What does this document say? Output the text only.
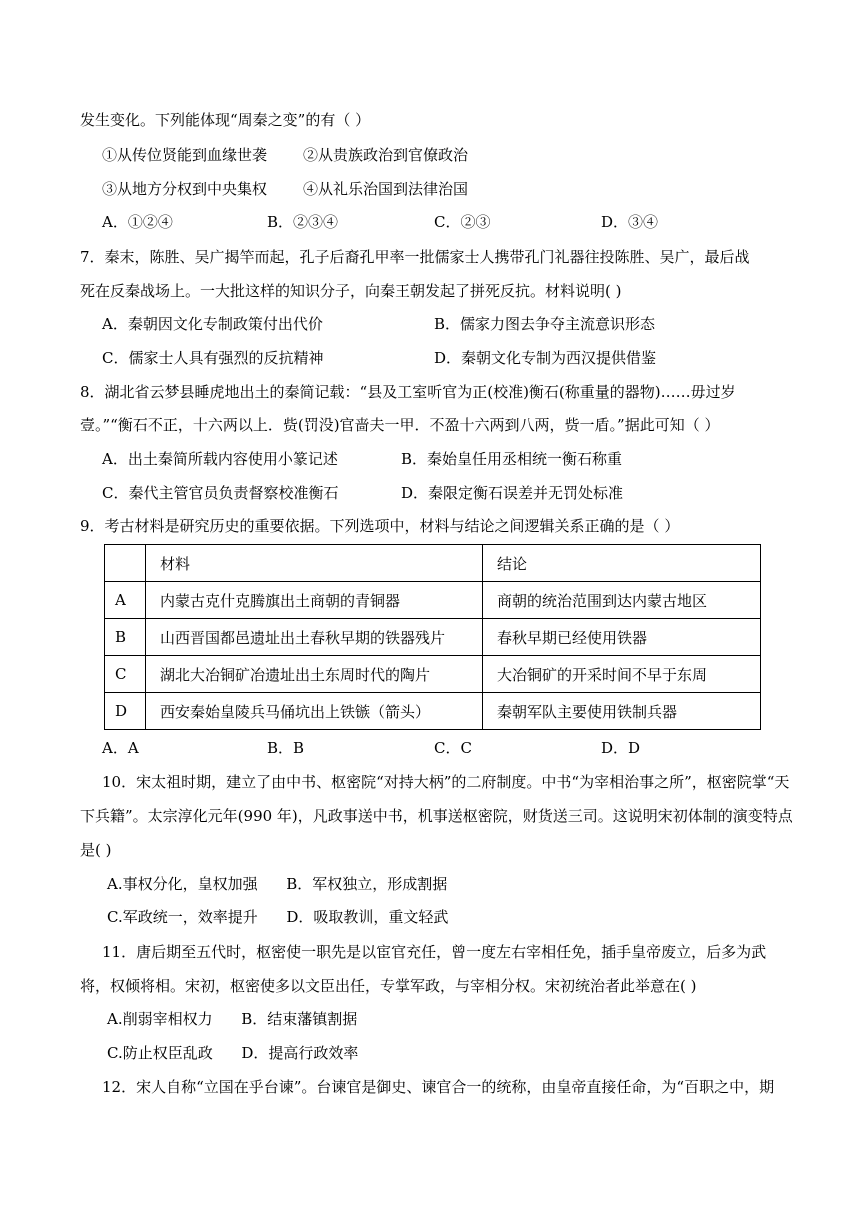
发生变化。下列能体现“周秦之变”的有（ ）
①从传位贤能到血缘世袭 ②从贵族政治到官僚政治
③从地方分权到中央集权 ④从礼乐治国到法律治国
A．①②④	B．②③④	C．②③	D．③④
7．秦末，陈胜、吴广揭竿而起，孔子后裔孔甲率一批儒家士人携带孔门礼器往投陈胜、吴广，最后战
死在反秦战场上。一大批这样的知识分子，向秦王朝发起了拼死反抗。材料说明( )
A．秦朝因文化专制政策付出代价	B．儒家力图去争夺主流意识形态
C．儒家士人具有强烈的反抗精神	D．秦朝文化专制为西汉提供借鉴
8．湖北省云梦县睡虎地出土的秦简记载：“县及工室听官为正(校准)衡石(称重量的器物)……毋过岁
壹。”“衡石不正，十六两以上．赀(罚没)官啬夫一甲．不盈十六两到八两，赀一盾。”据此可知（ ）
A．出土秦简所载内容使用小篆记述	B．秦始皇任用丞相统一衡石称重
C．秦代主管官员负责督察校准衡石	D．秦限定衡石误差并无罚处标准
9．考古材料是研究历史的重要依据。下列选项中，材料与结论之间逻辑关系正确的是（ ）
	材料	结论
A	内蒙古克什克腾旗出土商朝的青铜器	商朝的统治范围到达内蒙古地区
B	山西晋国都邑遗址出土春秋早期的铁器残片	春秋早期已经使用铁器
C	湖北大冶铜矿冶遗址出土东周时代的陶片	大冶铜矿的开采时间不早于东周
D	西安秦始皇陵兵马俑坑出上铁镞（箭头）	秦朝军队主要使用铁制兵器
A．A	B．B	C．C	D．D
10．宋太祖时期，建立了由中书、枢密院“对持大柄”的二府制度。中书“为宰相治事之所”，枢密院掌“天
下兵籍”。太宗淳化元年(990 年)，凡政事送中书，机事送枢密院，财货送三司。这说明宋初体制的演变特点
是( )
A.事权分化，皇权加强      B．军权独立，形成割据
C.军政统一，效率提升      D．吸取教训，重文轻武
11．唐后期至五代时，枢密使一职先是以宦官充任，曾一度左右宰相任免，插手皇帝废立，后多为武
将，权倾将相。宋初，枢密使多以文臣出任，专掌军政，与宰相分权。宋初统治者此举意在( )
A.削弱宰相权力      B．结束藩镇割据
C.防止权臣乱政      D．提高行政效率
12．宋人自称“立国在乎台谏”。台谏官是御史、谏官合一的统称，由皇帝直接任命，为“百职之中，期
